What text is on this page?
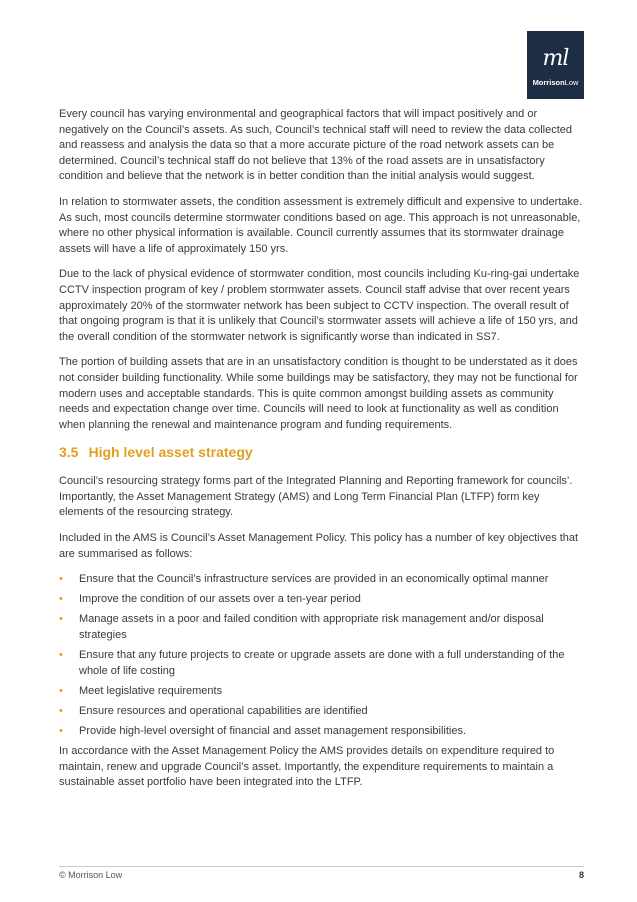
ml
MorrisonLow

Every council has varying environmental and geographical factors that will impact positively and or negatively on the Council’s assets. As such, Council’s technical staff will need to review the data collected and reassess and analysis the data so that a more accurate picture of the road network assets can be determined. Council’s technical staff do not believe that 13% of the road assets are in unsatisfactory condition and believe that the network is in better condition than the initial analysis would suggest.

In relation to stormwater assets, the condition assessment is extremely difficult and expensive to undertake. As such, most councils determine stormwater conditions based on age. This approach is not unreasonable, where no other physical information is available. Council currently assumes that its stormwater drainage assets will have a life of approximately 150 yrs.

Due to the lack of physical evidence of stormwater condition, most councils including Ku-ring-gai undertake CCTV inspection program of key / problem stormwater assets. Council staff advise that over recent years approximately 20% of the stormwater network has been subject to CCTV inspection. The overall result of that ongoing program is that it is unlikely that Council’s stormwater assets will achieve a life of 150 yrs, and the overall condition of the stormwater network is significantly worse than indicated in SS7.

The portion of building assets that are in an unsatisfactory condition is thought to be understated as it does not consider building functionality. While some buildings may be satisfactory, they may not be functional for modern uses and acceptable standards. This is quite common amongst building assets as community needs and expectation change over time. Councils will need to look at functionality as well as condition when planning the renewal and maintenance program and funding requirements.

3.5 High level asset strategy

Council’s resourcing strategy forms part of the Integrated Planning and Reporting framework for councils’. Importantly, the Asset Management Strategy (AMS) and Long Term Financial Plan (LTFP) form key elements of the resourcing strategy.

Included in the AMS is Council’s Asset Management Policy. This policy has a number of key objectives that are summarised as follows:

• Ensure that the Council’s infrastructure services are provided in an economically optimal manner
• Improve the condition of our assets over a ten-year period
• Manage assets in a poor and failed condition with appropriate risk management and/or disposal strategies
• Ensure that any future projects to create or upgrade assets are done with a full understanding of the whole of life costing
• Meet legislative requirements
• Ensure resources and operational capabilities are identified
• Provide high-level oversight of financial and asset management responsibilities.

In accordance with the Asset Management Policy the AMS provides details on expenditure required to maintain, renew and upgrade Council’s asset. Importantly, the expenditure requirements to maintain a sustainable asset portfolio have been integrated into the LTFP.

© Morrison Low	8
